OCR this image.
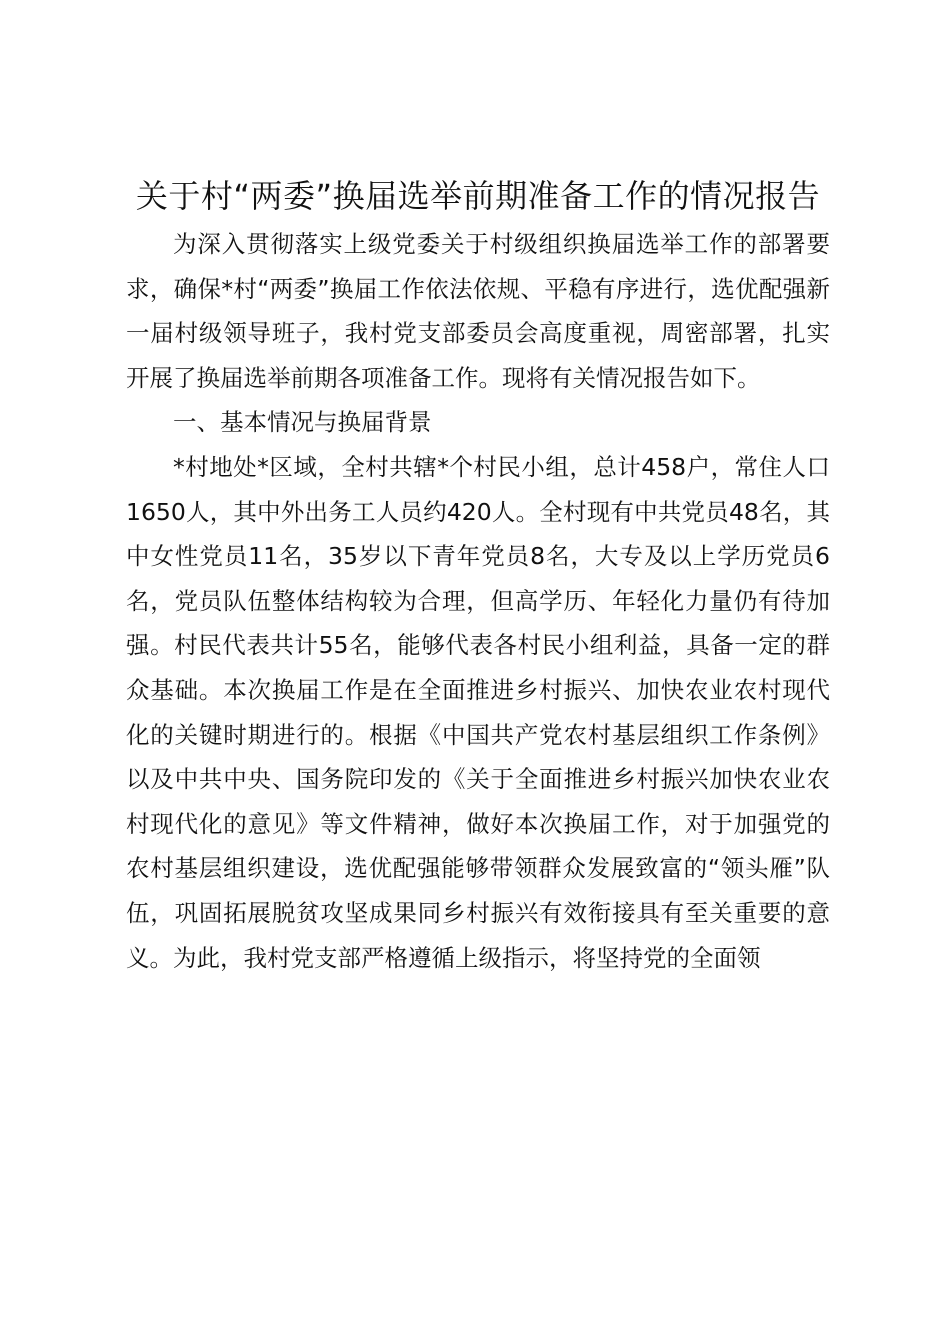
关于村“两委”换届选举前期准备工作的情况报告

为深入贯彻落实上级党委关于村级组织换届选举工作的部署要求，确保*村“两委”换届工作依法依规、平稳有序进行，选优配强新一届村级领导班子，我村党支部委员会高度重视，周密部署，扎实开展了换届选举前期各项准备工作。现将有关情况报告如下。

一、基本情况与换届背景

*村地处*区域，全村共辖*个村民小组，总计458户，常住人口1650人，其中外出务工人员约420人。全村现有中共党员48名，其中女性党员11名，35岁以下青年党员8名，大专及以上学历党员6名，党员队伍整体结构较为合理，但高学历、年轻化力量仍有待加强。村民代表共计55名，能够代表各村民小组利益，具备一定的群众基础。本次换届工作是在全面推进乡村振兴、加快农业农村现代化的关键时期进行的。根据《中国共产党农村基层组织工作条例》以及中共中央、国务院印发的《关于全面推进乡村振兴加快农业农村现代化的意见》等文件精神，做好本次换届工作，对于加强党的农村基层组织建设，选优配强能够带领群众发展致富的“领头雁”队伍，巩固拓展脱贫攻坚成果同乡村振兴有效衔接具有至关重要的意义。为此，我村党支部严格遵循上级指示，将坚持党的全面领
